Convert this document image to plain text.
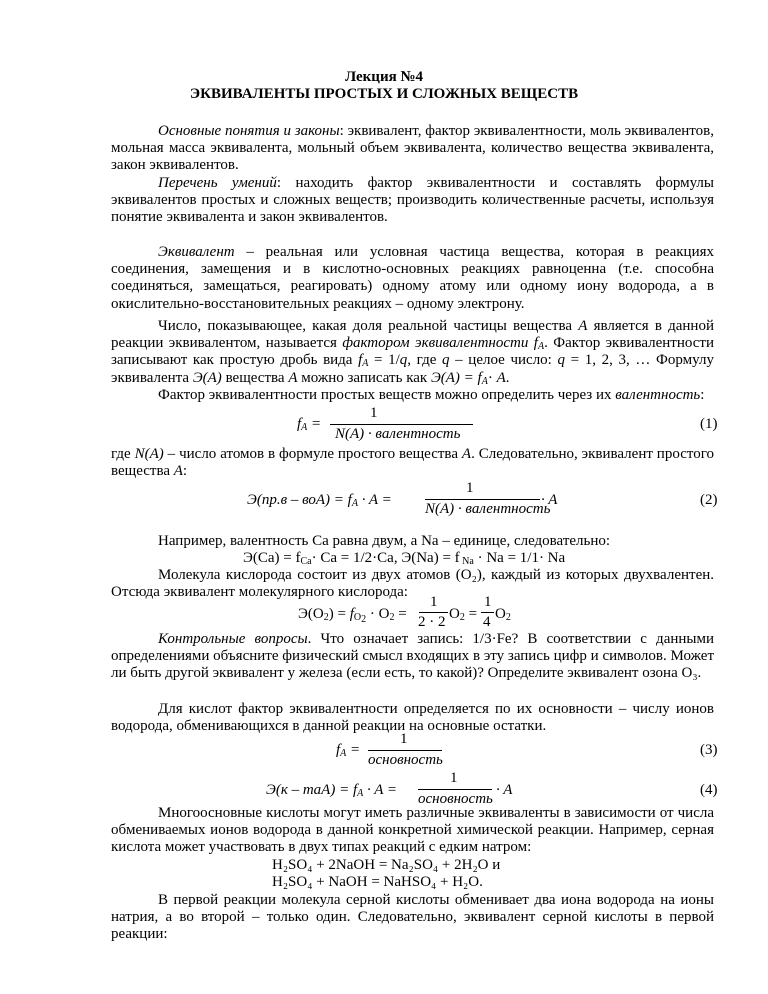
Лекция №4
ЭКВИВАЛЕНТЫ ПРОСТЫХ И СЛОЖНЫХ ВЕЩЕСТВ
Основные понятия и законы: эквивалент, фактор эквивалентности, моль эквивалентов, мольная масса эквивалента, мольный объем эквивалента, количество вещества эквивалента, закон эквивалентов.
Перечень умений: находить фактор эквивалентности и составлять формулы эквивалентов простых и сложных веществ; производить количественные расчеты, используя понятие эквивалента и закон эквивалентов.
Эквивалент – реальная или условная частица вещества, которая в реакциях соединения, замещения и в кислотно-основных реакциях равноценна (т.е. способна соединяться, замещаться, реагировать) одному атому или одному иону водорода, а в окислительно-восстановительных реакциях – одному электрону.
Число, показывающее, какая доля реальной частицы вещества A является в данной реакции эквивалентом, называется фактором эквивалентности $f_A$. Фактор эквивалентности записывают как простую дробь вида $f_A = 1/q$, где q – целое число: q = 1, 2, 3, … Формулу эквивалента Э(A) вещества A можно записать как $Э(A) = f_A\cdot A$.
Фактор эквивалентности простых веществ можно определить через их валентность:
$f_A$ =
1
N(A) · валентность
(1)
где N(A) – число атомов в формуле простого вещества A. Следовательно, эквивалент простого вещества A:
$Э(пр.в - воA) = f_A \cdot A$ =
1
N(A) · валентность
· A	(2)
Например, валентность Ca равна двум, а Na – единице, следовательно:
$Э(Ca) = f_{Ca}\cdot Ca = 1/2\cdot Ca$, Э(Na) = f $_{Na}$ · Na = 1/1· Na
Молекула кислорода состоит из двух атомов (O₂), каждый из которых двухвалентен. Отсюда эквивалент молекулярного кислорода:
$Э(O_2) = f_{O_2} \cdot O_2$ =
1
2 · 2 $O_2$ =
1
4 $O_2$
Контрольные вопросы. Что означает запись: 1/3·Fe? В соответствии с данными определениями объясните физический смысл входящих в эту запись цифр и символов. Может ли быть другой эквивалент у железа (если есть, то какой)? Определите эквивалент озона O₃.
Для кислот фактор эквивалентности определяется по их основности – числу ионов водорода, обменивающихся в данной реакции на основные остатки.
$f_A$ =
1
основность
(3)
$Э(к - тaA) = f_A \cdot A$ =
1
основность
· A	(4)
Многоосновные кислоты могут иметь различные эквиваленты в зависимости от числа обмениваемых ионов водорода в данной конкретной химической реакции. Например, серная кислота может участвовать в двух типах реакций с едким натром:
H₂SO₄ + 2NaOH = Na₂SO₄ + 2H₂O и
H₂SO₄ + NaOH = NaHSO₄ + H₂O.
В первой реакции молекула серной кислоты обменивает два иона водорода на ионы натрия, а во второй – только один. Следовательно, эквивалент серной кислоты в первой реакции:
